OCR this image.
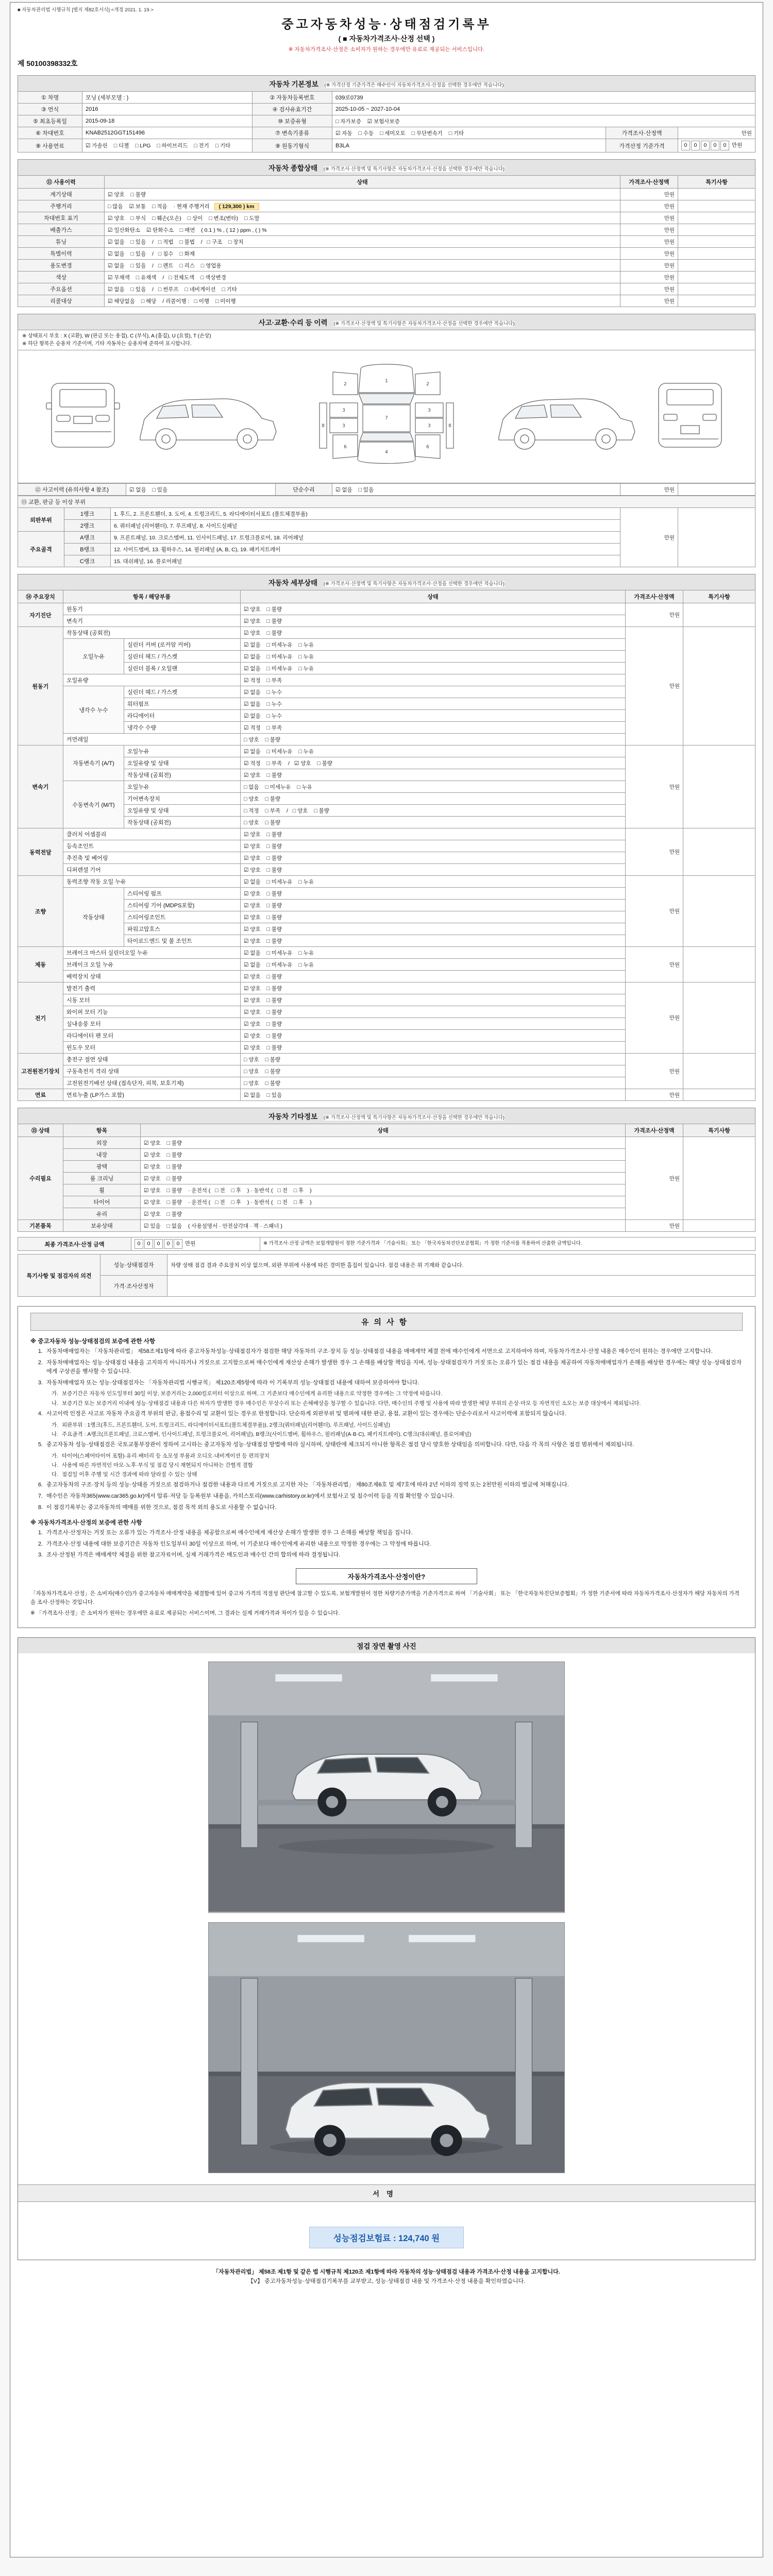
■ 자동차관리법 시행규칙 [별지 제82호서식] <개정 2021. 1. 19.>
중고자동차성능·상태점검기록부
( ■ 자동차가격조사·산정 선택 )
※ 자동차가격조사·산정은 소비자가 원하는 경우에만 유료로 제공되는 서비스입니다.
제 50100398332호
자동차 기본정보 (※ 가격산정 기준가격은 매수인이 자동차가격조사·산정을 선택한 경우에만 적습니다)
① 차명	모닝 (세부모델 : )	② 자동차등록번호	039로0739		
③ 연식	2016	④ 검사유효기간	2025-10-05 ~ 2027-10-04		
⑤ 최초등록일	2015-09-18	⑩ 보증유형	□ 자가보증 ☑ 보험사보증		
⑥ 차대번호	KNAB2512GGT151496	⑦ 변속기종류	☑ 자동 □ 수동 □ 세미오토 □ 무단변속기 □ 기타	가격조사·산정액	만원
⑧ 사용연료	☑ 가솔린 □ 디젤 □ LPG □ 하이브리드 □ 전기 □ 기타	⑨ 원동기형식	B3LA	가격산정 기준가격	0 0 0 0 0 만원
자동차 종합상태 (※ 가격조사·산정액 및 특기사항은 자동차가격조사·산정을 선택한 경우에만 적습니다)
⑪ 사용이력	상태	가격조사·산정액	특기사항
계기상태	☑ 양호 □ 불량	만원	
주행거리	□ 많음 ☑ 보통 □ 적음 · 현재 주행거리 ( 129,300 ) km	만원	
차대번호 표기	☑ 양호 □ 부식 □ 훼손(오손) □ 상이 □ 변조(변타) □ 도말	만원	
배출가스	☑ 일산화탄소 ☑ 탄화수소 □ 매연 ( 0.1 ) % , ( 12 ) ppm , ( ) %	만원	
튜닝	☑ 없음 □ 있음 / □ 적법 □ 불법 / □ 구조 □ 장치	만원	
특별이력	☑ 없음 □ 있음 / □ 침수 □ 화재	만원	
용도변경	☑ 없음 □ 있음 / □ 렌트 □ 리스 □ 영업용	만원	
색상	☑ 무채색 □ 유채색 / □ 전체도색 □ 색상변경	만원	
주요옵션	☑ 없음 □ 있음 / □ 썬루프 □ 네비게이션 □ 기타	만원	
리콜대상	☑ 해당없음 □ 해당 / 리콜이행 : □ 이행 □ 미이행	만원	
사고·교환·수리 등 이력 (※ 가격조사·산정액 및 특기사항은 자동차가격조사·산정을 선택한 경우에만 적습니다)
※ 상태표시 부호 : X (교환), W (판금 또는 용접), C (부식), A (흠집), U (요철), T (손상)
※ 하단 항목은 승용차 기준이며, 기타 자동차는 승용차에 준하여 표시합니다.
1
7
4
2	2
3
3
3
3
6	6
8	8
⑫ 사고이력 (유의사항 4 참조)	☑ 없음 □ 있음	단순수리	☑ 없음 □ 있음	만원	
⑬ 교환, 판금 등 이상 부위				
외판부위	1랭크	1. 후드, 2. 프론트휀더, 3. 도어, 4. 트렁크리드, 5. 라디에이터서포트 (볼트체결부품)	만원	
	2랭크	6. 쿼터패널 (리어휀더), 7. 루프패널, 8. 사이드실패널		
주요골격	A랭크	9. 프론트패널, 10. 크로스멤버, 11. 인사이드패널, 17. 트렁크플로어, 18. 리어패널		
	B랭크	12. 사이드멤버, 13. 휠하우스, 14. 필러패널 (A, B, C), 19. 패키지트레이		
	C랭크	15. 대쉬패널, 16. 플로어패널		
자동차 세부상태 (※ 가격조사·산정액 및 특기사항은 자동차가격조사·산정을 선택한 경우에만 적습니다)
⑭ 주요장치	항목 / 해당부품		상태	가격조사·산정액	특기사항
자기진단	원동기		☑ 양호 □ 불량	만원	
	변속기		☑ 양호 □ 불량		
원동기	작동상태 (공회전)		☑ 양호 □ 불량	만원	
	오일누유	실린더 커버 (로커암 커버)	☑ 없음 □ 미세누유 □ 누유		
		실린더 헤드 / 가스켓	☑ 없음 □ 미세누유 □ 누유		
		실린더 블록 / 오일팬	☑ 없음 □ 미세누유 □ 누유		
	오일유량		☑ 적정 □ 부족		
	냉각수 누수	실린더 헤드 / 가스켓	☑ 없음 □ 누수		
		워터펌프	☑ 없음 □ 누수		
		라디에이터	☑ 없음 □ 누수		
		냉각수 수량	☑ 적정 □ 부족		
	커먼레일		□ 양호 □ 불량		
변속기	자동변속기 (A/T)	오일누유	☑ 없음 □ 미세누유 □ 누유	만원	
		오일유량 및 상태	☑ 적정 □ 부족 / ☑ 양호 □ 불량		
		작동상태 (공회전)	☑ 양호 □ 불량		
	수동변속기 (M/T)	오일누유	□ 없음 □ 미세누유 □ 누유		
		기어변속장치	□ 양호 □ 불량		
		오일유량 및 상태	□ 적정 □ 부족 / □ 양호 □ 불량		
		작동상태 (공회전)	□ 양호 □ 불량		
동력전달	클러치 어셈블리		☑ 양호 □ 불량	만원	
	등속조인트		☑ 양호 □ 불량		
	추진축 및 베어링		☑ 양호 □ 불량		
	디퍼렌셜 기어		☑ 양호 □ 불량		
조향	동력조향 작동 오일 누유		☑ 없음 □ 미세누유 □ 누유	만원	
	작동상태	스티어링 펌프	☑ 양호 □ 불량		
		스티어링 기어 (MDPS포함)	☑ 양호 □ 불량		
		스티어링조인트	☑ 양호 □ 불량		
		파워고압호스	☑ 양호 □ 불량		
		타이로드엔드 및 볼 조인트	☑ 양호 □ 불량		
제동	브레이크 마스터 실린더오일 누유		☑ 없음 □ 미세누유 □ 누유	만원	
	브레이크 오일 누유		☑ 없음 □ 미세누유 □ 누유		
	배력장치 상태		☑ 양호 □ 불량		
전기	발전기 출력		☑ 양호 □ 불량	만원	
	시동 모터		☑ 양호 □ 불량		
	와이퍼 모터 기능		☑ 양호 □ 불량		
	실내송풍 모터		☑ 양호 □ 불량		
	라디에이터 팬 모터		☑ 양호 □ 불량		
	윈도우 모터		☑ 양호 □ 불량		
고전원전기장치	충전구 절연 상태		□ 양호 □ 불량	만원	
	구동축전지 격리 상태		□ 양호 □ 불량		
	고전원전기배선 상태 (접속단자, 피복, 보호기제)		□ 양호 □ 불량		
연료	연료누출 (LP가스 포함)		☑ 없음 □ 있음	만원	
자동차 기타정보 (※ 가격조사·산정액 및 특기사항은 자동차가격조사·산정을 선택한 경우에만 적습니다)
⑮ 상태	항목	상태	가격조사·산정액	특기사항
수리필요	외장	☑ 양호 □ 불량	만원	
	내장	☑ 양호 □ 불량		
	광택	☑ 양호 □ 불량		
	룸 크리닝	☑ 양호 □ 불량		
	휠	☑ 양호 □ 불량 · 운전석 ( □ 전 □ 후 ) · 동반석 ( □ 전 □ 후 )		
	타이어	☑ 양호 □ 불량 · 운전석 ( □ 전 □ 후 ) · 동반석 ( □ 전 □ 후 )		
	유리	☑ 양호 □ 불량		
기본품목	보유상태	☑ 있음 □ 없음 ( 사용설명서 · 안전삼각대 · 잭 · 스패너 )	만원	
최종 가격조사·산정 금액	0 0 0 0 0 만원	※ 가격조사·산정 금액은 보험개발원이 정한 기준가격과 「기술사회」 또는 「한국자동차진단보증협회」가 정한 기준서를 적용하여 산출한 금액입니다.
특기사항 및 점검자의 의견	성능·상태점검자	차량 상태 점검 결과 주요장치 이상 없으며, 외판 부위에 사용에 따른 경미한 흠집이 있습니다. 점검 내용은 위 기재와 같습니다.
	가격·조사산정자	
유의사항
※ 중고자동차 성능·상태점검의 보증에 관한 사항
1. 자동차매매업자는 「자동차관리법」 제58조제1항에 따라 중고자동차성능·상태점검자가 점검한 해당 자동차의 구조·장치 등 성능·상태점검 내용을 매매계약 체결 전에 매수인에게 서면으로 고지하여야 하며, 자동차가격조사·산정 내용은 매수인이 원하는 경우에만 고지합니다.
2. 자동차매매업자는 성능·상태점검 내용을 고지하지 아니하거나 거짓으로 고지함으로써 매수인에게 재산상 손해가 발생한 경우 그 손해를 배상할 책임을 지며, 성능·상태점검자가 거짓 또는 오류가 있는 점검 내용을 제공하여 자동차매매업자가 손해를 배상한 경우에는 해당 성능·상태점검자에게 구상권을 행사할 수 있습니다.
3. 자동차매매업자 또는 성능·상태점검자는 「자동차관리법 시행규칙」 제120조제5항에 따라 이 기록부의 성능·상태점검 내용에 대하여 보증하여야 합니다.
가. 보증기간은 자동차 인도일부터 30일 이상, 보증거리는 2,000킬로미터 이상으로 하며, 그 기준보다 매수인에게 유리한 내용으로 약정한 경우에는 그 약정에 따릅니다.
나. 보증기간 또는 보증거리 이내에 성능·상태점검 내용과 다른 하자가 발생한 경우 매수인은 무상수리 또는 손해배상을 청구할 수 있습니다. 다만, 매수인의 주행 및 사용에 따라 발생한 해당 부위의 손상·마모 등 자연적인 소모는 보증 대상에서 제외됩니다.
4. 사고이력 인정은 사고로 자동차 주요골격 부위의 판금, 용접수리 및 교환이 있는 경우로 한정합니다. 단순하게 외판부위 및 범퍼에 대한 판금, 용접, 교환이 있는 경우에는 단순수리로서 사고이력에 포함되지 않습니다.
가. 외판부위 : 1랭크(후드, 프론트휀더, 도어, 트렁크리드, 라디에이터서포트(볼트체결부품)), 2랭크(쿼터패널(리어휀더), 루프패널, 사이드실패널)
나. 주요골격 : A랭크(프론트패널, 크로스멤버, 인사이드패널, 트렁크플로어, 리어패널), B랭크(사이드멤버, 휠하우스, 필러패널(A·B·C), 패키지트레이), C랭크(대쉬패널, 플로어패널)
5. 중고자동차 성능·상태점검은 국토교통부장관이 정하여 고시하는 중고자동차 성능·상태점검 방법에 따라 실시하며, 상태란에 체크되지 아니한 항목은 점검 당시 양호한 상태임을 의미합니다. 다만, 다음 각 목의 사항은 점검 범위에서 제외됩니다.
가. 타이어(스페어타이어 포함)·유리·배터리 등 소모성 부품과 오디오·내비게이션 등 편의장치
나. 사용에 따른 자연적인 마모·노후·부식 및 점검 당시 재현되지 아니하는 간헐적 결함
다. 점검일 이후 주행 및 시간 경과에 따라 달라질 수 있는 상태
6. 중고자동차의 구조·장치 등의 성능·상태를 거짓으로 점검하거나 점검한 내용과 다르게 거짓으로 고지한 자는 「자동차관리법」 제80조제6호 및 제7호에 따라 2년 이하의 징역 또는 2천만원 이하의 벌금에 처해집니다.
7. 매수인은 자동차365(www.car365.go.kr)에서 압류·저당 등 등록원부 내용을, 카히스토리(www.carhistory.or.kr)에서 보험사고 및 침수이력 등을 직접 확인할 수 있습니다.
8. 이 점검기록부는 중고자동차의 매매를 위한 것으로, 점검 목적 외의 용도로 사용할 수 없습니다.
※ 자동차가격조사·산정의 보증에 관한 사항
1. 가격조사·산정자는 거짓 또는 오류가 있는 가격조사·산정 내용을 제공함으로써 매수인에게 재산상 손해가 발생한 경우 그 손해를 배상할 책임을 집니다.
2. 가격조사·산정 내용에 대한 보증기간은 자동차 인도일부터 30일 이상으로 하며, 이 기준보다 매수인에게 유리한 내용으로 약정한 경우에는 그 약정에 따릅니다.
3. 조사·산정된 가격은 매매계약 체결을 위한 참고자료이며, 실제 거래가격은 매도인과 매수인 간의 합의에 따라 결정됩니다.
자동차가격조사·산정이란?
「자동차가격조사·산정」은 소비자(매수인)가 중고자동차 매매계약을 체결함에 있어 중고차 가격의 적절성 판단에 참고할 수 있도록, 보험개발원이 정한 차량기준가액을 기준가격으로 하여 「기술사회」 또는 「한국자동차진단보증협회」가 정한 기준서에 따라 자동차가격조사·산정자가 해당 자동차의 가격을 조사·산정하는 것입니다.
※ 「가격조사·산정」은 소비자가 원하는 경우에만 유료로 제공되는 서비스이며, 그 결과는 실제 거래가격과 차이가 있을 수 있습니다.
점검 장면 촬영 사진
서명
성능점검보험료 : 124,740 원
「자동차관리법」 제58조 제1항 및 같은 법 시행규칙 제120조 제1항에 따라 자동차의 성능·상태점검 내용과 가격조사·산정 내용을 고지합니다.
【V】 중고자동차성능·상태점검기록부를 교부받고, 성능·상태점검 내용 및 가격조사·산정 내용을 확인하였습니다.
